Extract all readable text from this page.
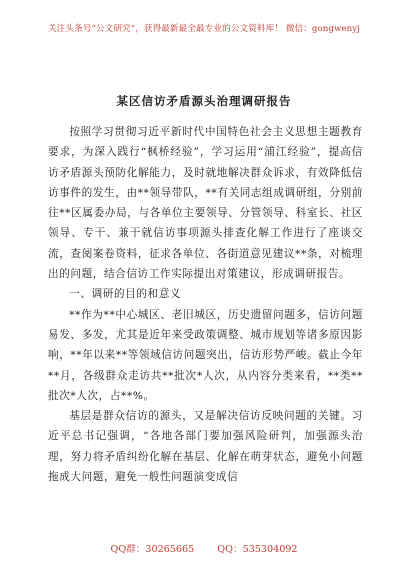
关注头条号“公文研究”，获得最新最全最专业的公文资料库！ 微信：gongwenyj
某区信访矛盾源头治理调研报告

按照学习贯彻习近平新时代中国特色社会主义思想主题教育要求，为深入践行“枫桥经验”，学习运用“浦江经验”，提高信访矛盾源头预防化解能力，及时就地解决群众诉求，有效降低信访事件的发生，由**领导带队，**有关同志组成调研组，分别前往**区属委办局，与各单位主要领导、分管领导、科室长、社区领导、专干、兼干就信访事项源头排查化解工作进行了座谈交流，查阅案卷资料，征求各单位、各街道意见建议**条，对梳理出的问题，结合信访工作实际提出对策建议，形成调研报告。

一、调研的目的和意义

**作为**中心城区、老旧城区，历史遗留问题多，信访问题易发、多发，尤其是近年来受政策调整、城市规划等诸多原因影响，**年以来**等领域信访问题突出，信访形势严峻。截止今年**月，各级群众走访共**批次*人次，从内容分类来看，**类**批次*人次，占**%。

基层是群众信访的源头，又是解决信访反映问题的关键。习近平总书记强调，“各地各部门要加强风险研判，加强源头治理，努力将矛盾纠纷化解在基层、化解在萌芽状态，避免小问题拖成大问题，避免一般性问题演变成信

QQ群：30265665 QQ：535304092
